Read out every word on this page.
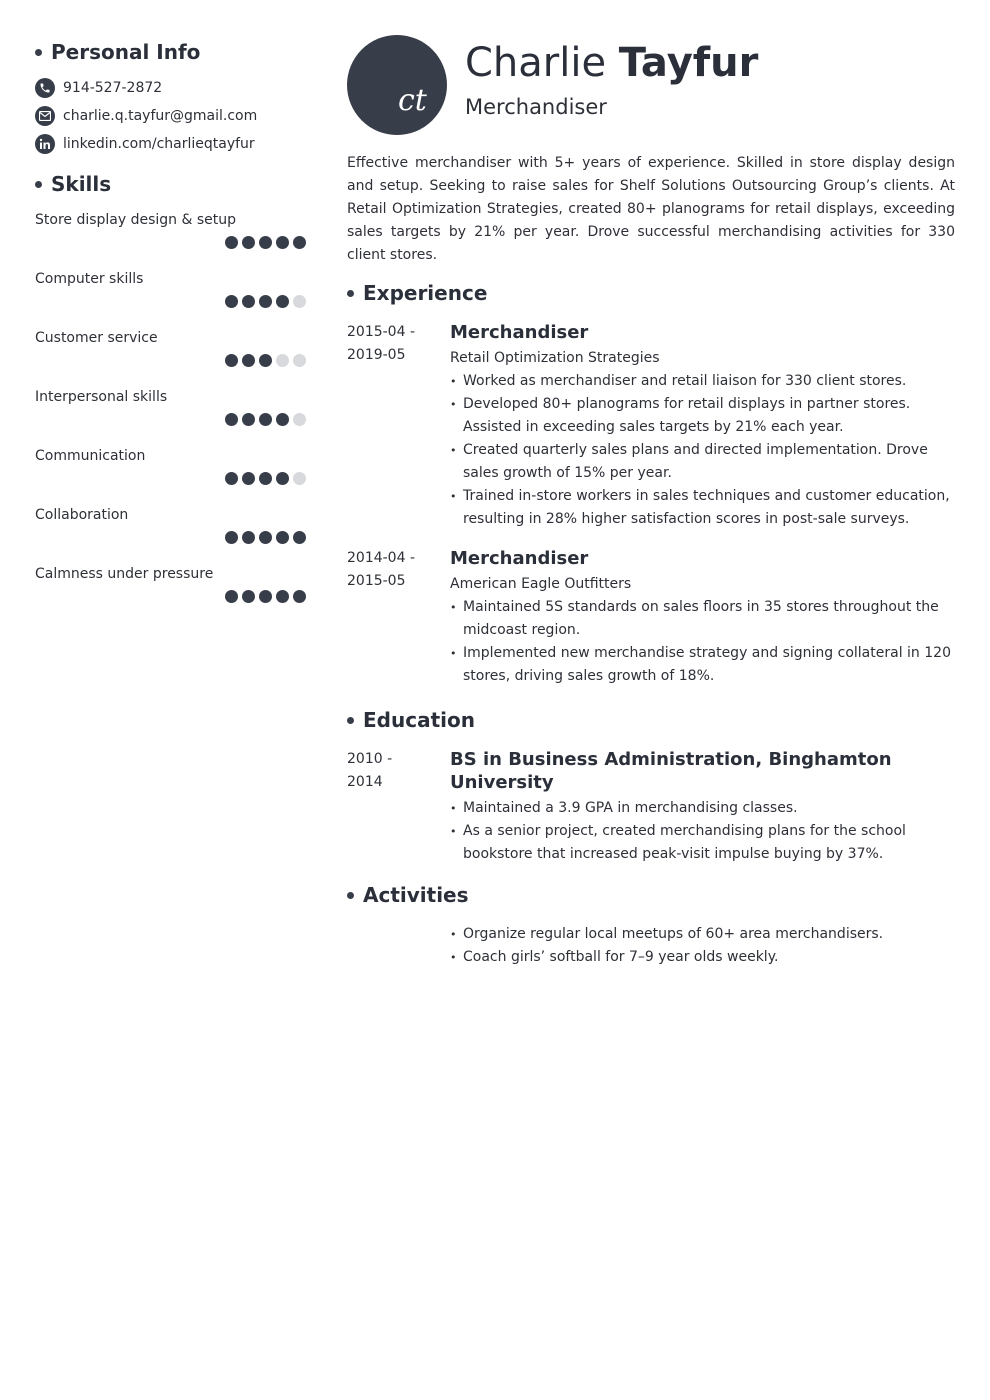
Personal Info
914-527-2872
charlie.q.tayfur@gmail.com
linkedin.com/charlieqtayfur
Skills
Store display design & setup
Computer skills
Customer service
Interpersonal skills
Communication
Collaboration
Calmness under pressure
ct
Charlie Tayfur
Merchandiser

Effective merchandiser with 5+ years of experience. Skilled in store display design and setup. Seeking to raise sales for Shelf Solutions Outsourcing Group’s clients. At Retail Optimization Strategies, created 80+ planograms for retail displays, exceeding sales targets by 21% per year. Drove successful merchandising activities for 330 client stores.

Experience
2015-04 -
2019-05
Merchandiser
Retail Optimization Strategies
• Worked as merchandiser and retail liaison for 330 client stores.
• Developed 80+ planograms for retail displays in partner stores. Assisted in exceeding sales targets by 21% each year.
• Created quarterly sales plans and directed implementation. Drove sales growth of 15% per year.
• Trained in-store workers in sales techniques and customer education, resulting in 28% higher satisfaction scores in post-sale surveys.
2014-04 -
2015-05
Merchandiser
American Eagle Outfitters
• Maintained 5S standards on sales floors in 35 stores throughout the midcoast region.
• Implemented new merchandise strategy and signing collateral in 120 stores, driving sales growth of 18%.
Education
2010 -
2014
BS in Business Administration, Binghamton University
• Maintained a 3.9 GPA in merchandising classes.
• As a senior project, created merchandising plans for the school bookstore that increased peak-visit impulse buying by 37%.
Activities
• Organize regular local meetups of 60+ area merchandisers.
• Coach girls’ softball for 7–9 year olds weekly.
